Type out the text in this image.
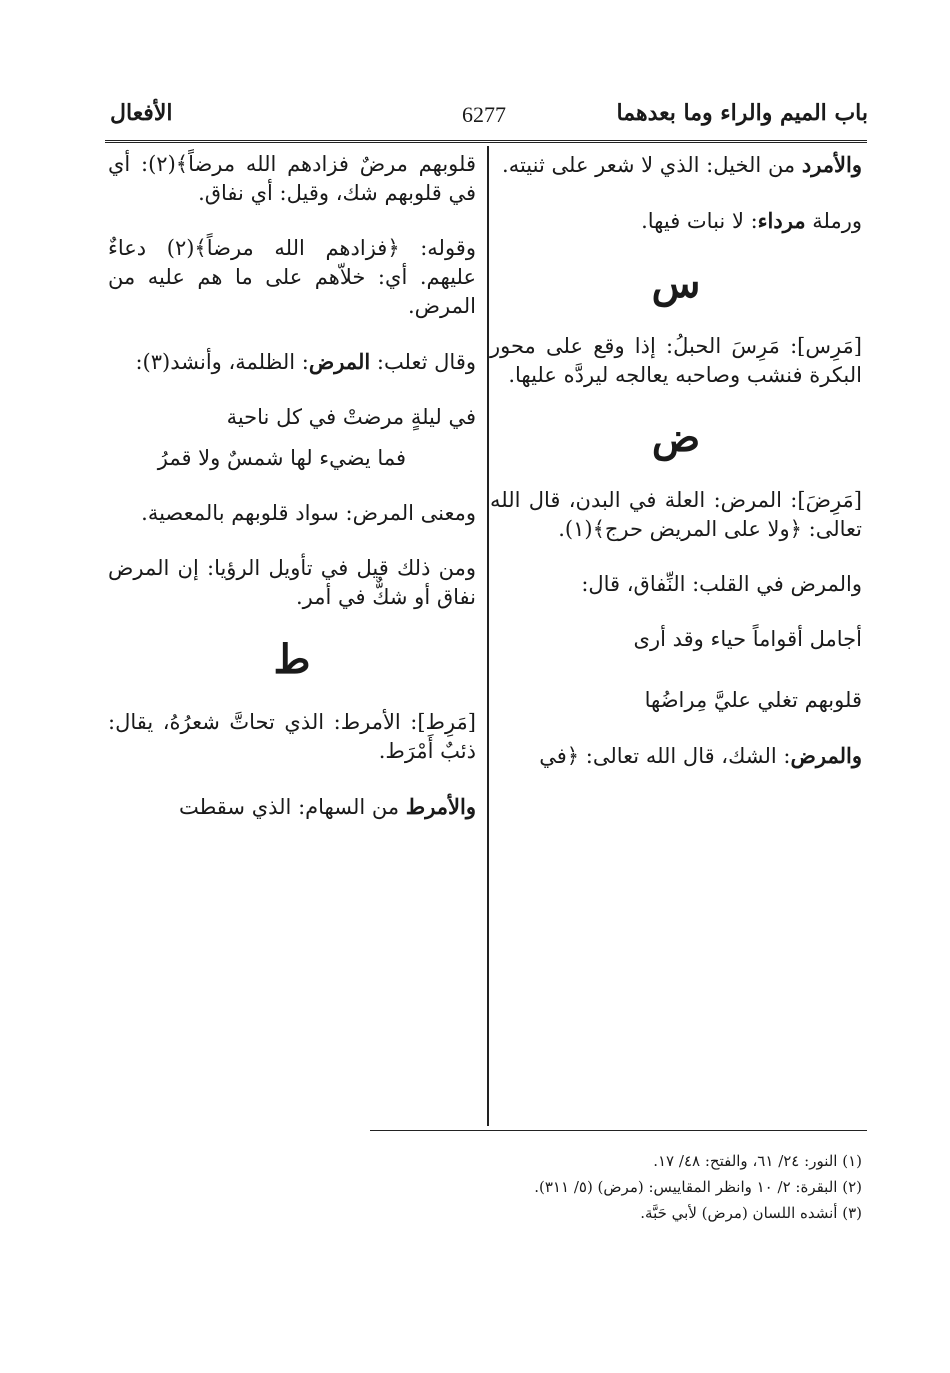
باب الميم والراء وما بعدهما
6277
الأفعال

والأمرد من الخيل: الذي لا شعر على ثنيته.

ورملة مرداء: لا نبات فيها.

س

[مَرِس]: مَرِسَ الحبلُ: إذا وقع على محور البكرة فنشب وصاحبه يعالجه ليردَّه عليها.

ض

[مَرِضَ]: المرض: العلة في البدن، قال الله تعالى: ﴿ولا على المريض حرج﴾(١).

والمرض في القلب: النِّفاق، قال:

أجامل أقواماً حياء وقد أرى
قلوبهم تغلي عليَّ مِراضُها

والمرض: الشك، قال الله تعالى: ﴿في

قلوبهم مرضٌ فزادهم الله مرضاً﴾(٢): أي في قلوبهم شك، وقيل: أي نفاق.

وقوله: ﴿فزادهم الله مرضاً﴾(٢) دعاءٌ عليهم. أي: خلاّهم على ما هم عليه من المرض.

وقال ثعلب: المرض: الظلمة، وأنشد(٣):

في ليلةٍ مرضتْ في كل ناحية
فما يضيء لها شمسٌ ولا قمرُ

ومعنى المرض: سواد قلوبهم بالمعصية.

ومن ذلك قيل في تأويل الرؤيا: إن المرض نفاق أو شكٌّ في أمر.

ط

[مَرِط]: الأمرط: الذي تحاتَّ شعرُهُ، يقال: ذئبٌ أَمْرَط.

والأمرط من السهام: الذي سقطت

(١) النور: ٢٤/ ٦١، والفتح: ٤٨/ ١٧.
(٢) البقرة: ٢/ ١٠ وانظر المقاييس: (مرض) (٥/ ٣١١).
(٣) أنشده اللسان (مرض) لأبي حَبَّة.
